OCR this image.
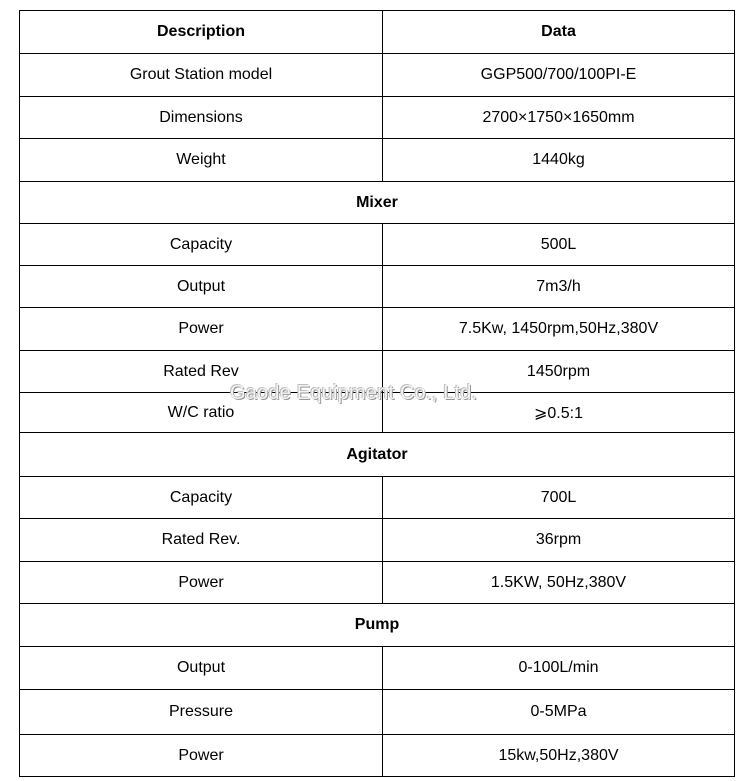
Description	Data
Grout Station model	GGP500/700/100PI-E
Dimensions	2700×1750×1650mm
Weight	1440kg
Mixer	
Capacity	500L
Output	7m3/h
Power	7.5Kw, 1450rpm,50Hz,380V
Rated Rev	1450rpm
W/C ratio	⩾0.5:1
Agitator	
Capacity	700L
Rated Rev.	36rpm
Power	1.5KW, 50Hz,380V
Pump	
Output	0-100L/min
Pressure	0-5MPa
Power	15kw,50Hz,380V
Gaode Equipment Co., Ltd.
